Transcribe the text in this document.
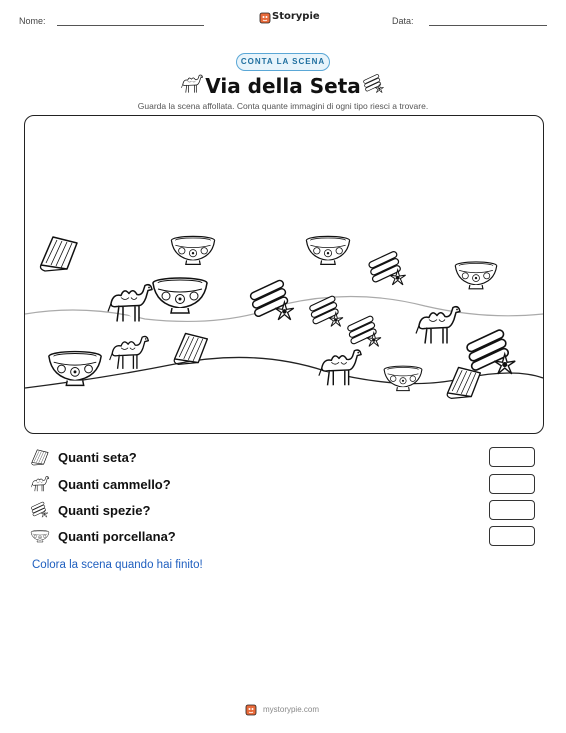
Nome:	Storypie	Data:
CONTA LA SCENA
Via della Seta
Guarda la scena affollata. Conta quante immagini di ogni tipo riesci a trovare.
Quanti seta?
Quanti cammello?
Quanti spezie?
Quanti porcellana?
Colora la scena quando hai finito!
mystorypie.com
